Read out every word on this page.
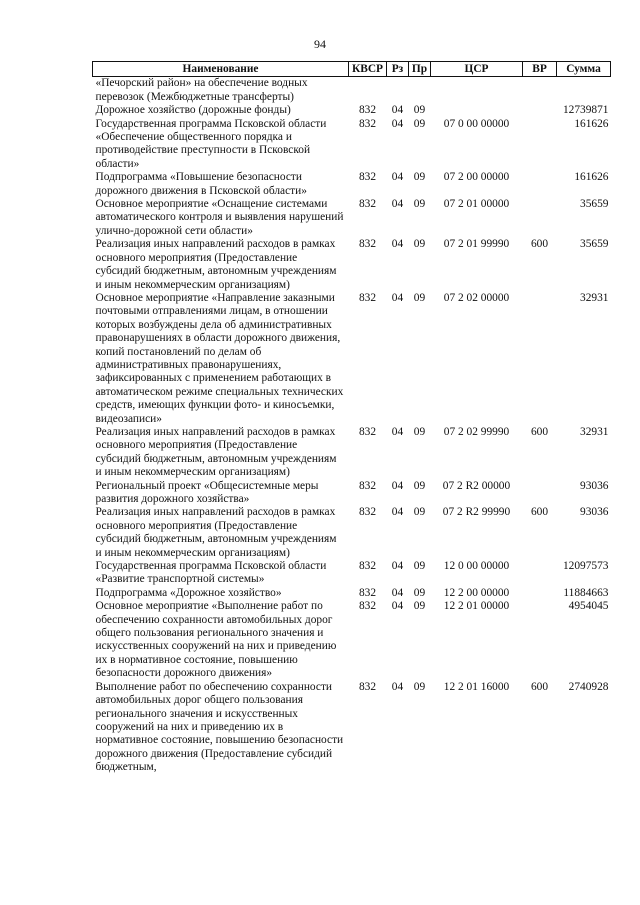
94
Наименование	КВСР	Рз	Пр	ЦСР	ВР	Сумма
«Печорский район» на обеспечение водных перевозок (Межбюджетные трансферты)						
Дорожное хозяйство (дорожные фонды)	832	04	09			12739871
Государственная программа Псковской области «Обеспечение общественного порядка и противодействие преступности в Псковской области»	832	04	09	07 0 00 00000		161626
Подпрограмма «Повышение безопасности дорожного движения в Псковской области»	832	04	09	07 2 00 00000		161626
Основное мероприятие «Оснащение системами автоматического контроля и выявления нарушений улично-дорожной сети области»	832	04	09	07 2 01 00000		35659
Реализация иных направлений расходов в рамках основного мероприятия (Предоставление субсидий бюджетным, автономным учреждениям и иным некоммерческим организациям)	832	04	09	07 2 01 99990	600	35659
Основное мероприятие «Направление заказными почтовыми отправлениями лицам, в отношении которых возбуждены дела об административных правонарушениях в области дорожного движения, копий постановлений по делам об административных правонарушениях, зафиксированных с применением работающих в автоматическом режиме специальных технических средств, имеющих функции фото- и киносъемки, видеозаписи»	832	04	09	07 2 02 00000		32931
Реализация иных направлений расходов в рамках основного мероприятия (Предоставление субсидий бюджетным, автономным учреждениям и иным некоммерческим организациям)	832	04	09	07 2 02 99990	600	32931
Региональный проект «Общесистемные меры развития дорожного хозяйства»	832	04	09	07 2 R2 00000		93036
Реализация иных направлений расходов в рамках основного мероприятия (Предоставление субсидий бюджетным, автономным учреждениям и иным некоммерческим организациям)	832	04	09	07 2 R2 99990	600	93036
Государственная программа Псковской области «Развитие транспортной системы»	832	04	09	12 0 00 00000		12097573
Подпрограмма «Дорожное хозяйство»	832	04	09	12 2 00 00000		11884663
Основное мероприятие «Выполнение работ по обеспечению сохранности автомобильных дорог общего пользования регионального значения и искусственных сооружений на них и приведению их в нормативное состояние, повышению безопасности дорожного движения»	832	04	09	12 2 01 00000		4954045
Выполнение работ по обеспечению сохранности автомобильных дорог общего пользования регионального значения и искусственных сооружений на них и приведению их в нормативное состояние, повышению безопасности дорожного движения (Предоставление субсидий бюджетным,	832	04	09	12 2 01 16000	600	2740928
